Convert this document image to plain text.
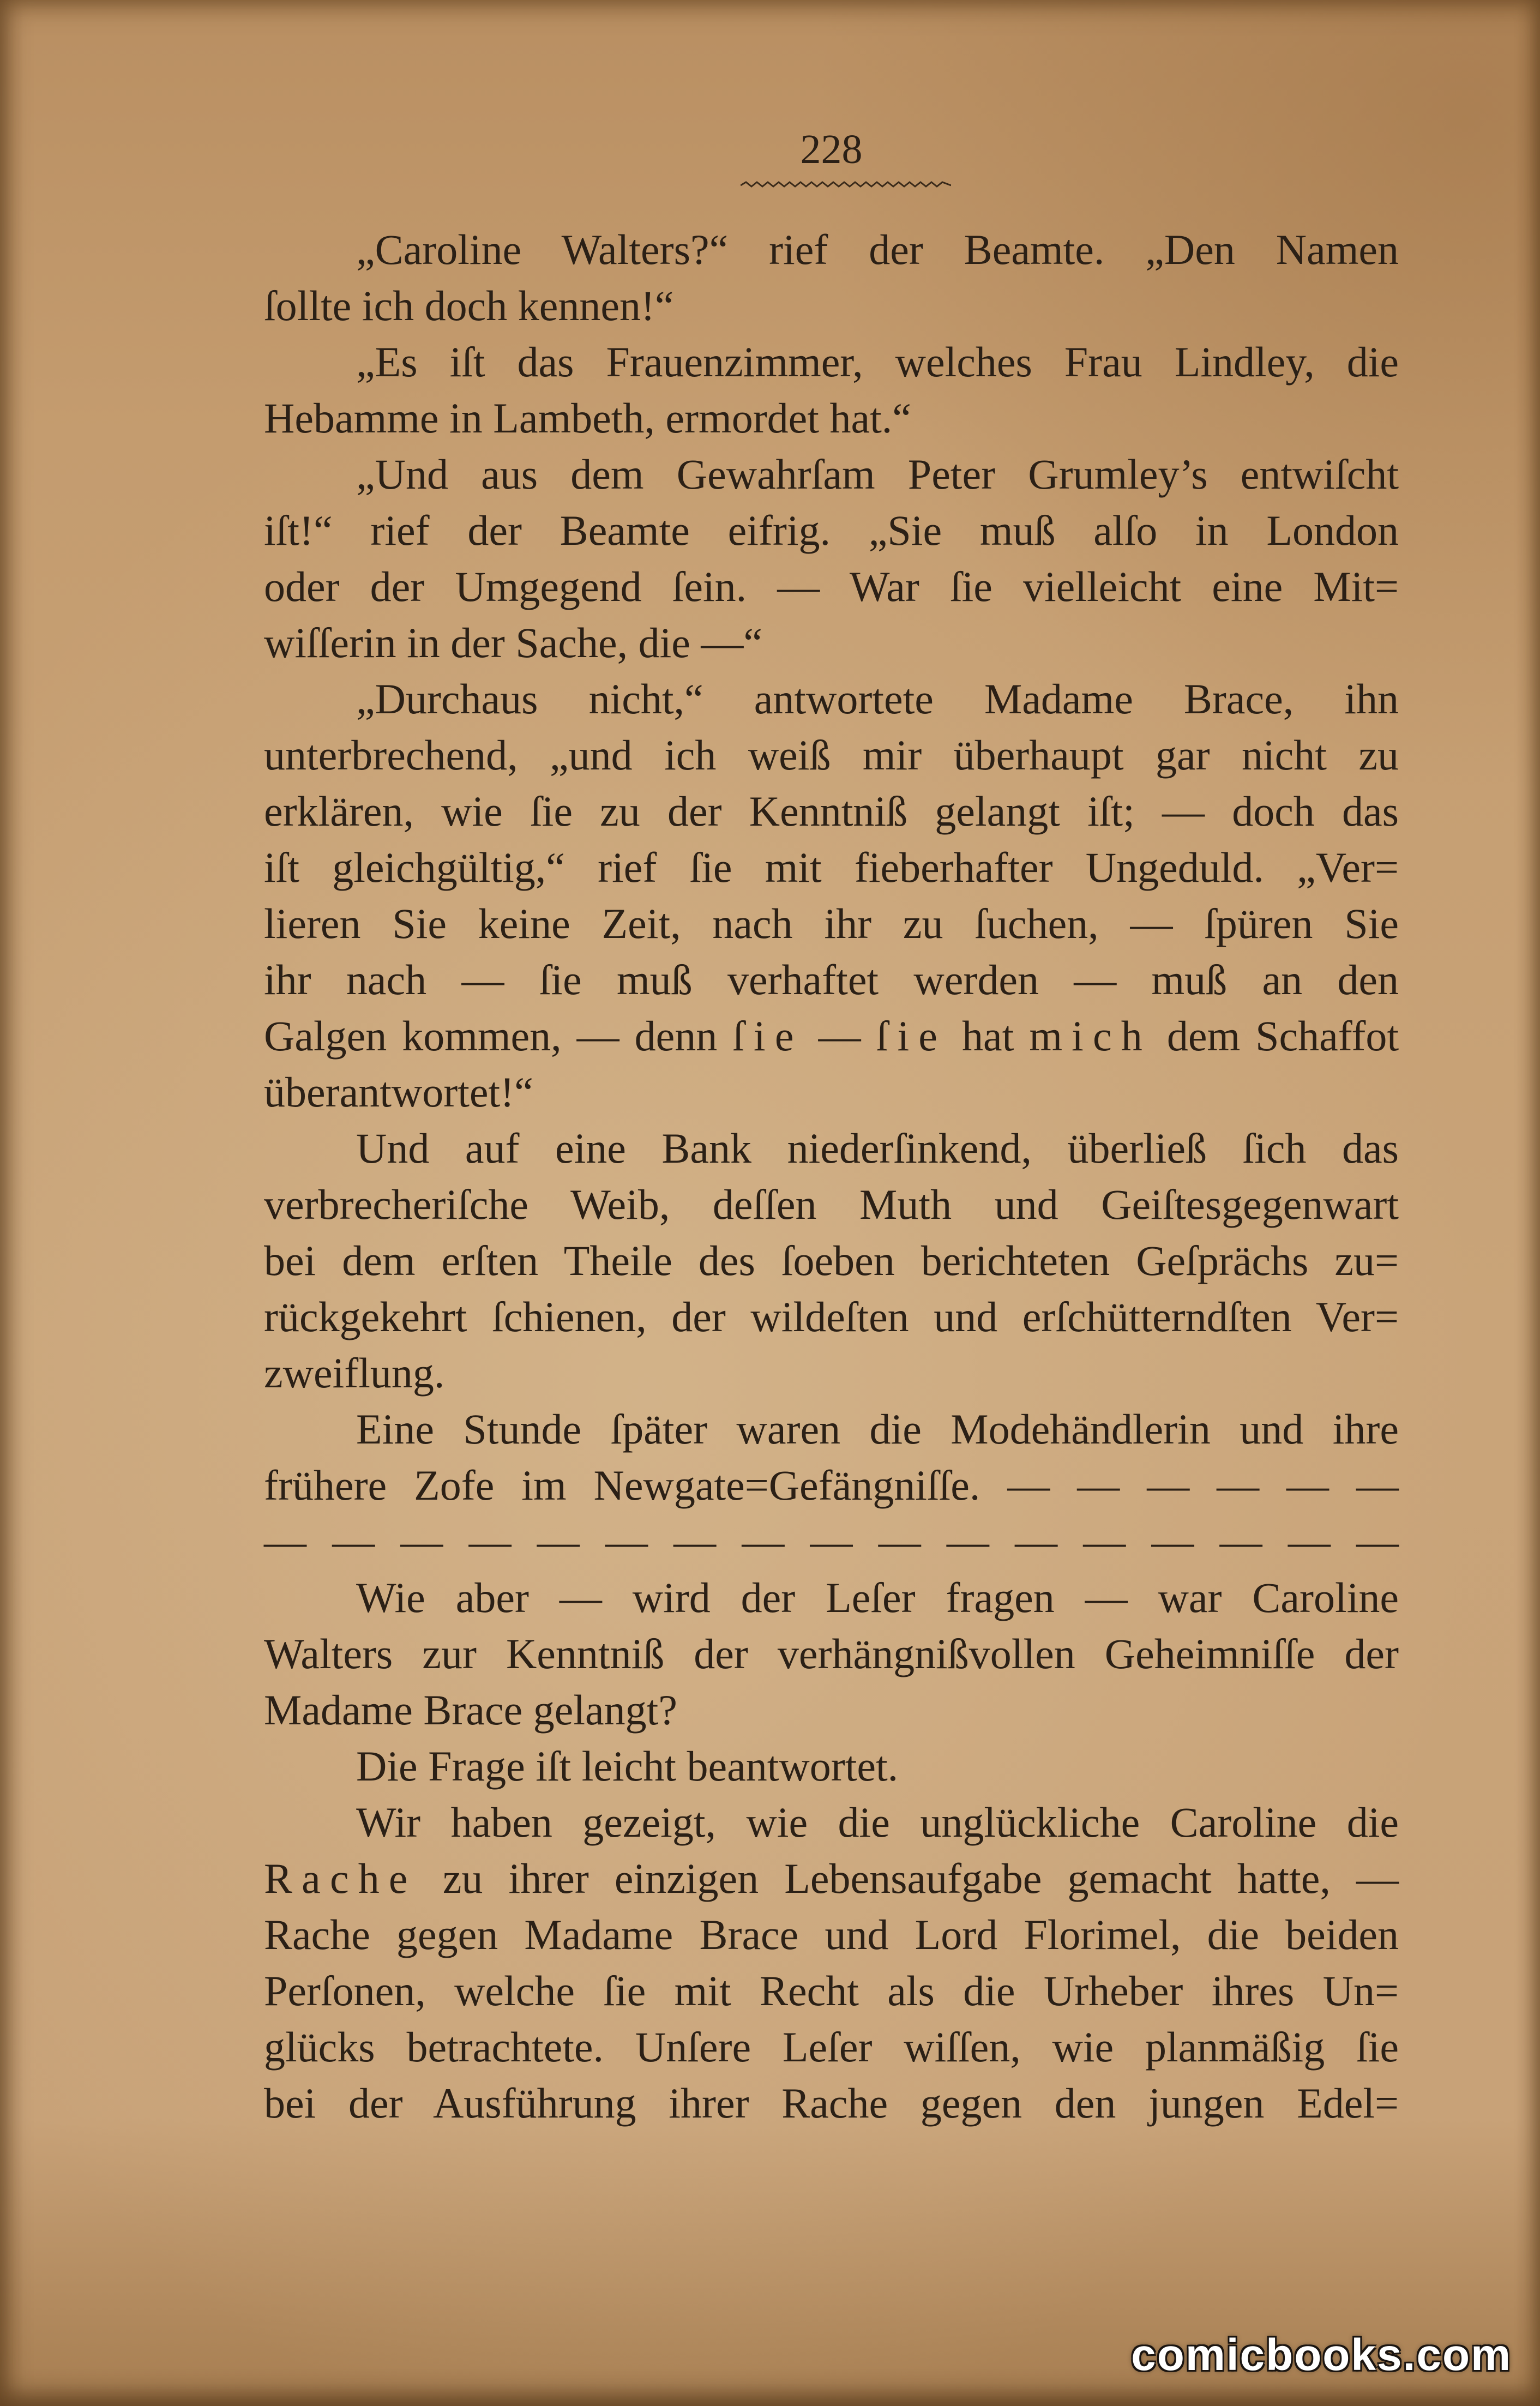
228
„Caroline Walters?“ rief der Beamte. „Den Namen
ſollte ich doch kennen!“
„Es iſt das Frauenzimmer, welches Frau Lindley, die
Hebamme in Lambeth, ermordet hat.“
„Und aus dem Gewahrſam Peter Grumley’s entwiſcht
iſt!“ rief der Beamte eifrig. „Sie muß alſo in London
oder der Umgegend ſein. — War ſie vielleicht eine Mit=
wiſſerin in der Sache, die —“
„Durchaus nicht,“ antwortete Madame Brace, ihn
unterbrechend, „und ich weiß mir überhaupt gar nicht zu
erklären, wie ſie zu der Kenntniß gelangt iſt; — doch das
iſt gleichgültig,“ rief ſie mit fieberhafter Ungeduld. „Ver=
lieren Sie keine Zeit, nach ihr zu ſuchen, — ſpüren Sie
ihr nach — ſie muß verhaftet werden — muß an den
Galgen kommen, — denn ſie — ſie hat mich dem Schaffot
überantwortet!“
Und auf eine Bank niederſinkend, überließ ſich das
verbrecheriſche Weib, deſſen Muth und Geiſtesgegenwart
bei dem erſten Theile des ſoeben berichteten Geſprächs zu=
rückgekehrt ſchienen, der wildeſten und erſchütterndſten Ver=
zweiflung.
Eine Stunde ſpäter waren die Modehändlerin und ihre
frühere Zofe im Newgate=Gefängniſſe. — — — — — —
— — — — — — — — — — — — — — — — —
Wie aber — wird der Leſer fragen — war Caroline
Walters zur Kenntniß der verhängnißvollen Geheimniſſe der
Madame Brace gelangt?
Die Frage iſt leicht beantwortet.
Wir haben gezeigt, wie die unglückliche Caroline die
Rache zu ihrer einzigen Lebensaufgabe gemacht hatte, —
Rache gegen Madame Brace und Lord Florimel, die beiden
Perſonen, welche ſie mit Recht als die Urheber ihres Un=
glücks betrachtete. Unſere Leſer wiſſen, wie planmäßig ſie
bei der Ausführung ihrer Rache gegen den jungen Edel=
comicbooks.com
